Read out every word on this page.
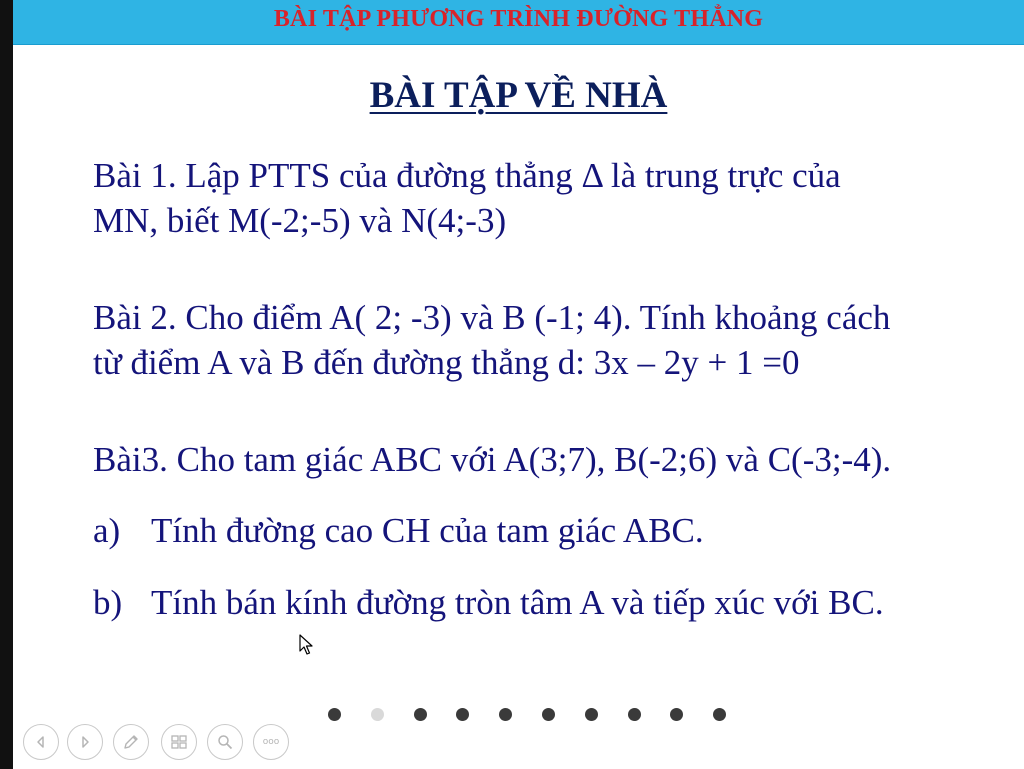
BÀI TẬP PHƯƠNG TRÌNH ĐƯỜNG THẲNG
BÀI TẬP VỀ NHÀ
Bài 1. Lập PTTS của đường thẳng Δ là trung trực của
MN, biết M(-2;-5) và N(4;-3)
Bài 2. Cho điểm A( 2; -3) và B (-1; 4). Tính khoảng cách
từ điểm A và B đến đường thẳng d: 3x – 2y + 1 =0
Bài3. Cho tam giác ABC với A(3;7), B(-2;6) và C(-3;-4).
a) Tính đường cao CH của tam giác ABC.
b) Tính bán kính đường tròn tâm A và tiếp xúc với BC.
ooo
